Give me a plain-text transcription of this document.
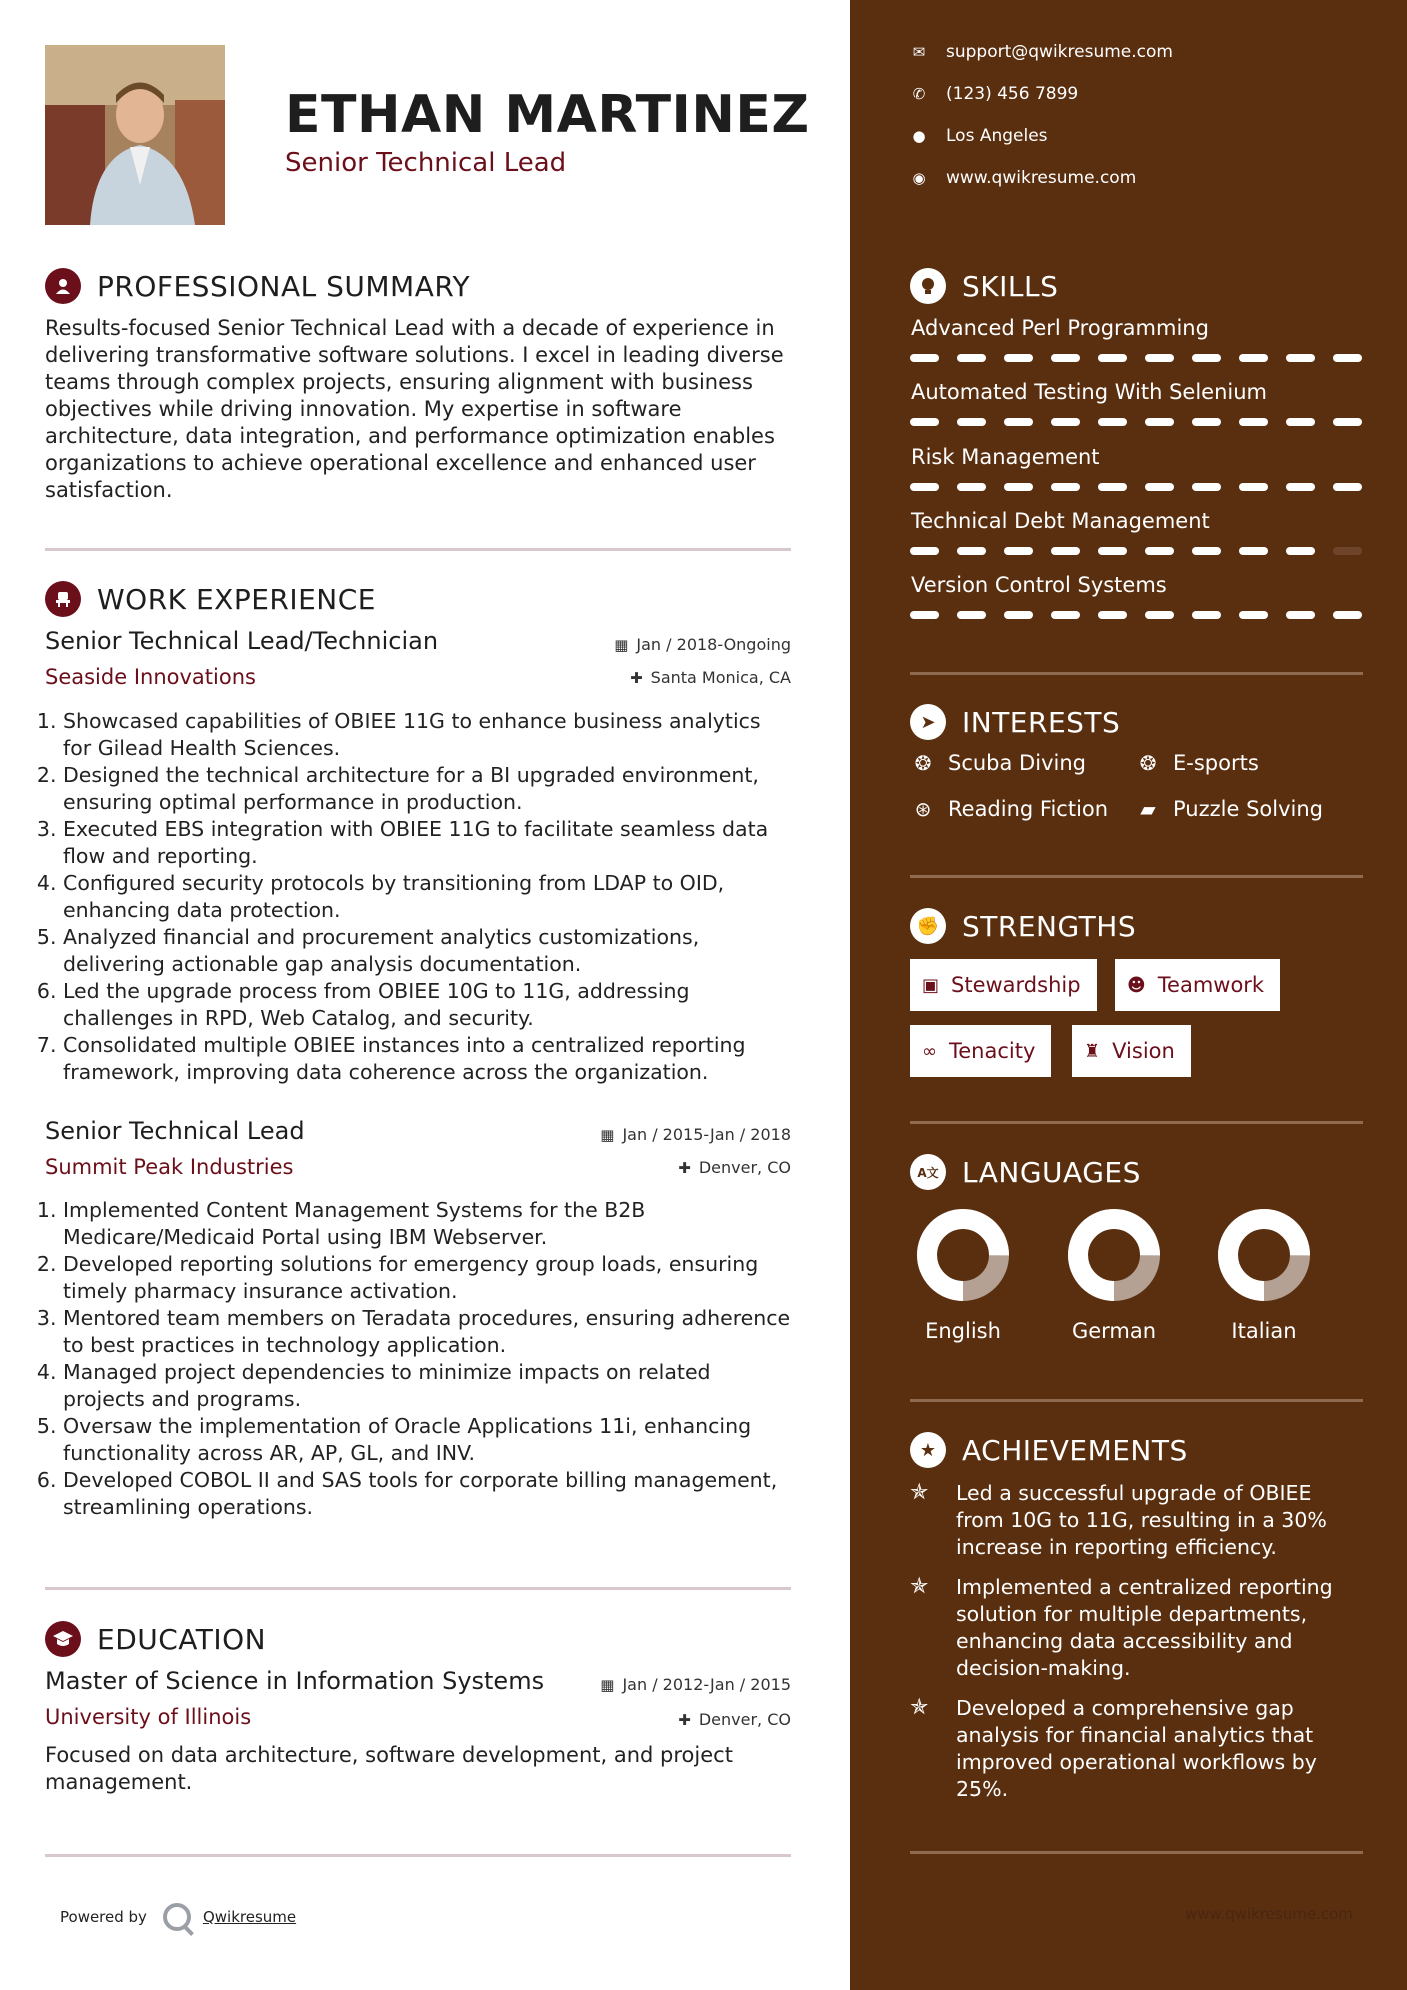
ETHAN MARTINEZ
Senior Technical Lead
PROFESSIONAL SUMMARY
Results-focused Senior Technical Lead with a decade of experience in delivering transformative software solutions. I excel in leading diverse teams through complex projects, ensuring alignment with business objectives while driving innovation. My expertise in software architecture, data integration, and performance optimization enables organizations to achieve operational excellence and enhanced user satisfaction.
WORK EXPERIENCE
Senior Technical Lead/Technician
Seaside Innovations
▦ Jan / 2018-Ongoing
✚ Santa Monica, CA
1. Showcased capabilities of OBIEE 11G to enhance business analytics for Gilead Health Sciences.
2. Designed the technical architecture for a BI upgraded environment, ensuring optimal performance in production.
3. Executed EBS integration with OBIEE 11G to facilitate seamless data flow and reporting.
4. Configured security protocols by transitioning from LDAP to OID, enhancing data protection.
5. Analyzed financial and procurement analytics customizations, delivering actionable gap analysis documentation.
6. Led the upgrade process from OBIEE 10G to 11G, addressing challenges in RPD, Web Catalog, and security.
7. Consolidated multiple OBIEE instances into a centralized reporting framework, improving data coherence across the organization.
Senior Technical Lead
Summit Peak Industries
▦ Jan / 2015-Jan / 2018
✚ Denver, CO
1. Implemented Content Management Systems for the B2B Medicare/Medicaid Portal using IBM Webserver.
2. Developed reporting solutions for emergency group loads, ensuring timely pharmacy insurance activation.
3. Mentored team members on Teradata procedures, ensuring adherence to best practices in technology application.
4. Managed project dependencies to minimize impacts on related projects and programs.
5. Oversaw the implementation of Oracle Applications 11i, enhancing functionality across AR, AP, GL, and INV.
6. Developed COBOL II and SAS tools for corporate billing management, streamlining operations.
EDUCATION
Master of Science in Information Systems
University of Illinois
▦ Jan / 2012-Jan / 2015
✚ Denver, CO
Focused on data architecture, software development, and project management.
Powered by	Qwikresume
✉ support@qwikresume.com
✆ (123) 456 7899
● Los Angeles
◉ www.qwikresume.com
SKILLS
Advanced Perl Programming
Automated Testing With Selenium
Risk Management
Technical Debt Management
Version Control Systems
➤ INTERESTS
❂ Scuba Diving	❂ E-sports
⊛ Reading Fiction ▰ Puzzle Solving
✊ STRENGTHS
▣ Stewardship	☻ Teamwork
∞ Tenacity	♜ Vision
A文 LANGUAGES
English	German	Italian
★ ACHIEVEMENTS
✯	Led a successful upgrade of OBIEE from 10G to 11G, resulting in a 30% increase in reporting efficiency.
✯	Implemented a centralized reporting solution for multiple departments, enhancing data accessibility and decision-making.
✯	Developed a comprehensive gap analysis for financial analytics that improved operational workflows by 25%.
www.qwikresume.com
